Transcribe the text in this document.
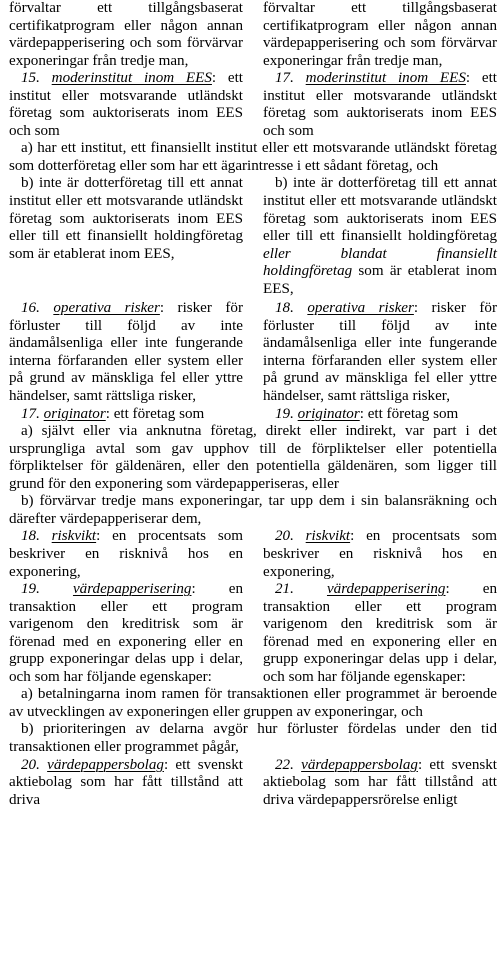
förvaltar ett tillgångsbaserat certifikatprogram eller någon annan värdepapperisering och som förvärvar exponeringar från tredje man,

förvaltar ett tillgångsbaserat certifikatprogram eller någon annan värdepapperisering och som förvärvar exponeringar från tredje man,

15. moderinstitut inom EES: ett institut eller motsvarande utländskt företag som auktoriserats inom EES och som

17. moderinstitut inom EES: ett institut eller motsvarande utländskt företag som auktoriserats inom EES och som

a) har ett institut, ett finansiellt institut eller ett motsvarande utländskt företag som dotterföretag eller som har ett ägarintresse i ett sådant företag, och

b) inte är dotterföretag till ett annat institut eller ett motsvarande utländskt företag som auktoriserats inom EES eller till ett finansiellt holdingföretag som är etablerat inom EES,

b) inte är dotterföretag till ett annat institut eller ett motsvarande utländskt företag som auktoriserats inom EES eller till ett finansiellt holdingföretag eller blandat finansiellt holdingföretag som är etablerat inom EES,

16. operativa risker: risker för förluster till följd av inte ändamålsenliga eller inte fungerande interna förfaranden eller system eller på grund av mänskliga fel eller yttre händelser, samt rättsliga risker,

18. operativa risker: risker för förluster till följd av inte ändamålsenliga eller inte fungerande interna förfaranden eller system eller på grund av mänskliga fel eller yttre händelser, samt rättsliga risker,

17. originator: ett företag som	19. originator: ett företag som

a) självt eller via anknutna företag, direkt eller indirekt, var part i det ursprungliga avtal som gav upphov till de förpliktelser eller potentiella förpliktelser för gäldenären, eller den potentiella gäldenären, som ligger till grund för den exponering som värdepapperiseras, eller

b) förvärvar tredje mans exponeringar, tar upp dem i sin balansräkning och därefter värdepapperiserar dem,

18. riskvikt: en procentsats som beskriver en risknivå hos en exponering,

20. riskvikt: en procentsats som beskriver en risknivå hos en exponering,

19. värdepapperisering: en transaktion eller ett program varigenom den kreditrisk som är förenad med en exponering eller en grupp exponeringar delas upp i delar, och som har följande egenskaper:

21. värdepapperisering: en transaktion eller ett program varigenom den kreditrisk som är förenad med en exponering eller en grupp exponeringar delas upp i delar, och som har följande egenskaper:

a) betalningarna inom ramen för transaktionen eller programmet är beroende av utvecklingen av exponeringen eller gruppen av exponeringar, och

b) prioriteringen av delarna avgör hur förluster fördelas under den tid transaktionen eller programmet pågår,

20. värdepappersbolag: ett svenskt aktiebolag som har fått tillstånd att driva

22. värdepappersbolag: ett svenskt aktiebolag som har fått tillstånd att driva värdepappersrörelse enligt
